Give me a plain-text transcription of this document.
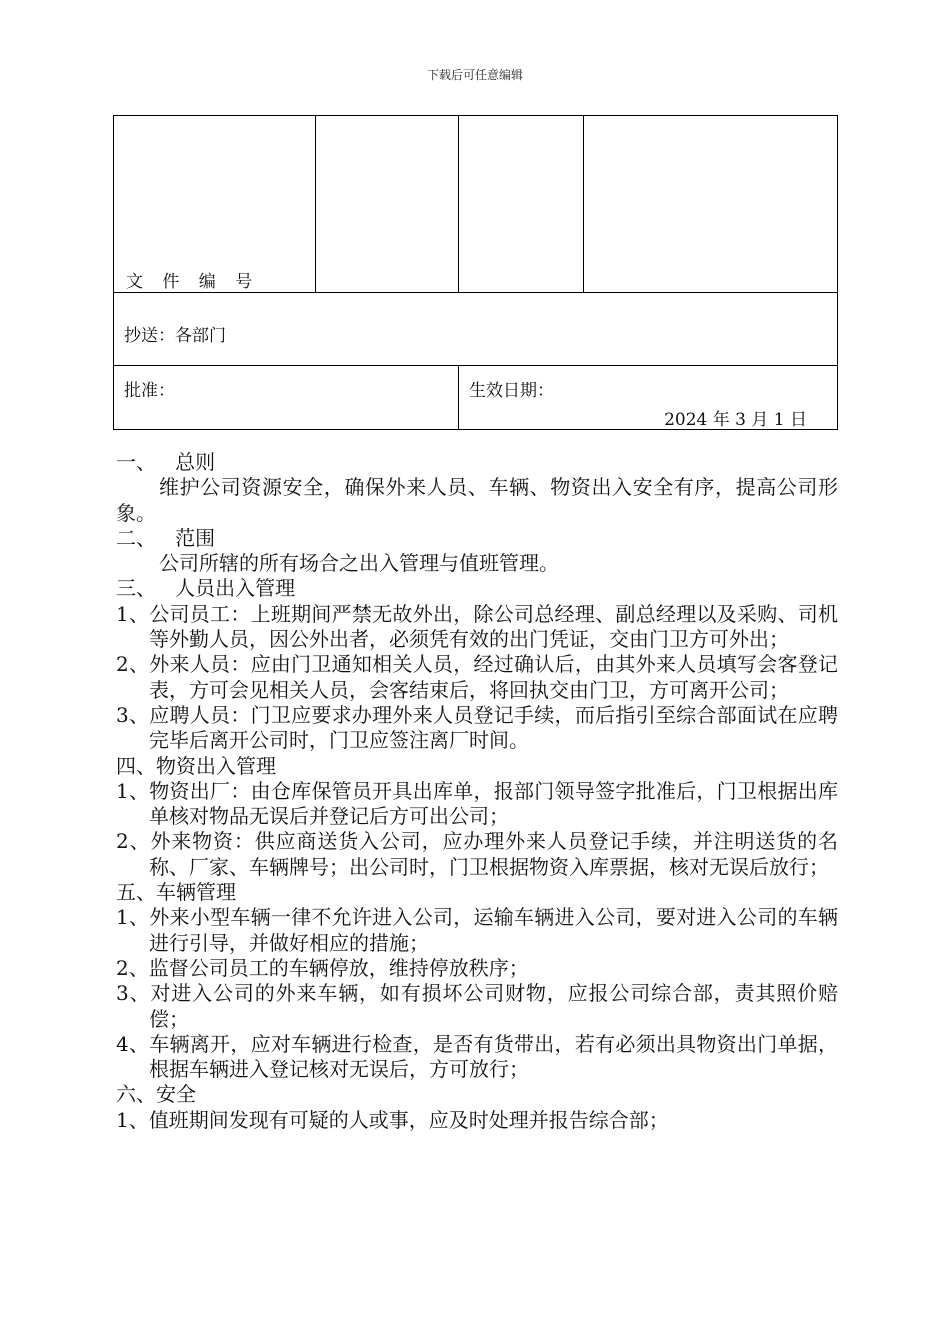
下载后可任意编辑
文 件 编 号			

抄送：各部门			

批准：		生效日期：
2024 年 3 月 1 日	

一、   总则

维护公司资源安全，确保外来人员、车辆、物资出入安全有序，提高公司形象。

二、   范围

公司所辖的所有场合之出入管理与值班管理。

三、   人员出入管理

1、公司员工：上班期间严禁无故外出，除公司总经理、副总经理以及采购、司机等外勤人员，因公外出者，必须凭有效的出门凭证，交由门卫方可外出；

2、外来人员：应由门卫通知相关人员，经过确认后，由其外来人员填写会客登记表，方可会见相关人员，会客结束后，将回执交由门卫，方可离开公司；

3、应聘人员：门卫应要求办理外来人员登记手续，而后指引至综合部面试在应聘完毕后离开公司时，门卫应签注离厂时间。

四、物资出入管理

1、物资出厂：由仓库保管员开具出库单，报部门领导签字批准后，门卫根据出库单核对物品无误后并登记后方可出公司；

2、外来物资：供应商送货入公司，应办理外来人员登记手续，并注明送货的名称、厂家、车辆牌号；出公司时，门卫根据物资入库票据，核对无误后放行；

五、车辆管理

1、外来小型车辆一律不允许进入公司，运输车辆进入公司，要对进入公司的车辆进行引导，并做好相应的措施；

2、监督公司员工的车辆停放，维持停放秩序；

3、对进入公司的外来车辆，如有损坏公司财物，应报公司综合部，责其照价赔偿；

4、车辆离开，应对车辆进行检查，是否有货带出，若有必须出具物资出门单据，根据车辆进入登记核对无误后，方可放行；

六、安全

1、值班期间发现有可疑的人或事，应及时处理并报告综合部；
